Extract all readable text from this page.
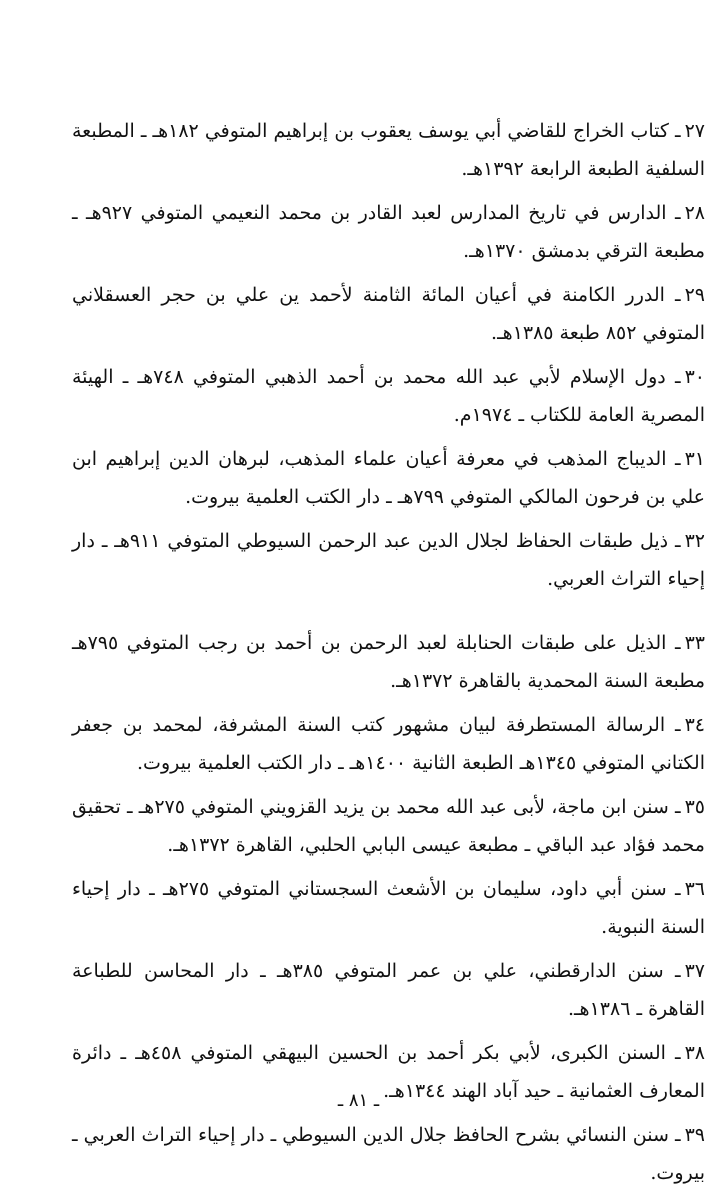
٢٧ـ كتاب الخراج للقاضي أبي يوسف يعقوب بن إبراهيم المتوفي ١٨٢هـ ـ المطبعة السلفية الطبعة الرابعة ١٣٩٢هـ.

٢٨ـ الدارس في تاريخ المدارس لعبد القادر بن محمد النعيمي المتوفي ٩٢٧هـ ـ مطبعة الترقي بدمشق ١٣٧٠هـ.

٢٩ـ الدرر الكامنة في أعيان المائة الثامنة لأحمد ين علي بن حجر العسقلاني المتوفي ٨٥٢ طبعة ١٣٨٥هـ.

٣٠ـ دول الإسلام لأبي عبد الله محمد بن أحمد الذهبي المتوفي ٧٤٨هـ ـ الهيئة المصرية العامة للكتاب ـ ١٩٧٤م.

٣١ـ الديباج المذهب في معرفة أعيان علماء المذهب، لبرهان الدين إبراهيم ابن علي بن فرحون المالكي المتوفي ٧٩٩هـ ـ دار الكتب العلمية بيروت.

٣٢ـ ذيل طبقات الحفاظ لجلال الدين عبد الرحمن السيوطي المتوفي ٩١١هـ ـ دار إحياء التراث العربي.

٣٣ـ الذيل على طبقات الحنابلة لعبد الرحمن بن أحمد بن رجب المتوفي ٧٩٥هـ مطبعة السنة المحمدية بالقاهرة ١٣٧٢هـ.

٣٤ـ الرسالة المستطرفة لبيان مشهور كتب السنة المشرفة، لمحمد بن جعفر الكتاني المتوفي ١٣٤٥هـ الطبعة الثانية ١٤٠٠هـ ـ دار الكتب العلمية بيروت.

٣٥ـ سنن ابن ماجة، لأبى عبد الله محمد بن يزيد القزويني المتوفي ٢٧٥هـ ـ تحقيق محمد فؤاد عبد الباقي ـ مطبعة عيسى البابي الحلبي، القاهرة ١٣٧٢هـ.

٣٦ـ سنن أبي داود، سليمان بن الأشعث السجستاني المتوفي ٢٧٥هـ ـ دار إحياء السنة النبوية.

٣٧ـ سنن الدارقطني، علي بن عمر المتوفي ٣٨٥هـ ـ دار المحاسن للطباعة القاهرة ـ ١٣٨٦هـ.

٣٨ـ السنن الكبرى، لأبي بكر أحمد بن الحسين البيهقي المتوفي ٤٥٨هـ ـ دائرة المعارف العثمانية ـ حيد آباد الهند ١٣٤٤هـ.

٣٩ـ سنن النسائي بشرح الحافظ جلال الدين السيوطي ـ دار إحياء التراث العربي ـ بيروت.

ـ ٨١ ـ
